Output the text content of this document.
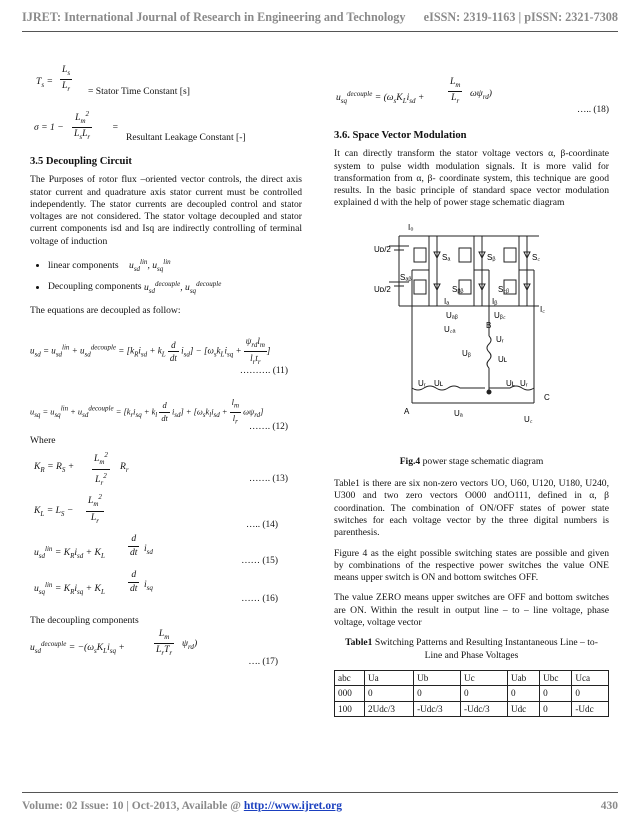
IJRET: International Journal of Research in Engineering and Technology eISSN: 2319-1163 | pISSN: 2321-7308
$T_s = \frac{L_s}{L_r}$ = Stator Time Constant [s]
σ = 1 −
$L_m^2$
$L_sL_r$
=
Resultant Leakage Constant [-]
3.5 Decoupling Circuit

The Purposes of rotor flux –oriented vector controls, the direct axis stator current and quadrature axis stator current must be controlled independently. The stator currents are decoupled control and stator voltages are not considered. The stator voltage decoupled and stator current components isd and Isq are indirectly controlling of terminal voltage of induction

• linear components $u_{sd}^{lin}$, $u_{sq}^{lin}$
• Decoupling components $u_{sd}^{decouple}$, $u_{sq}^{decouple}$

The equations are decoupled as follow:

$u_{sd} = u_{sd}^{lin} + u_{sd}^{decouple} = [k_Ri_{sd} + k_L \frac{d}{dt} i_{sd}] - [\omega_sk_Li_{sq} + \frac{\psi_{rd}l_m}{l_rt_r}$ ]
………. (11)
$u_{sq} = u_{sq}^{lin} + u_{sd}^{decouple} = [k_ri_{sq} + k_l \frac{d}{dt} i_{sd}] + [\omega_sk_li_{sd} + \frac{l_m}{l_r} \omega\psi_{rd}]$
……. (12)
Where
$K_R = R_S + \frac{L_m^2}{L_r^2} R_r$
……. (13)
$K_L = L_S - \frac{L_m^2}{L_r}$	….. (14)
$u_{sd}^{lin} = K_Ri_{sd} + K_L \frac{d}{dt} i_{sd}$
…… (15)
$u_{sq}^{lin} = K_Ri_{sq} + K_L \frac{d}{dt} i_{sq}$
…… (16)
The decoupling components
$u_{sd}^{decouple} = -(\omega_sK_Li_{sq}$ +
$L_m$
$L_rT_r$
$\psi_{rd}$)
…. (17)
$u_{sq}^{decouple} = (\omega_sK_Li_{sd} + \frac{L_m}{L_r} \omega\psi_{rd})$
….. (18)
3.6. Space Vector Modulation

It can directly transform the stator voltage vectors α, β-coordinate system to pulse width modulation signals. It is more valid for transformation from α, β- coordinate system, this technique are good results. In the basic principle of standard space vector modulation explained d with the help of power stage schematic diagram

I₀
Uᴅ/2
Uᴅ/2
Sₐ	Sᵦ	S꜀
Sₐᵦ
Sᵦᵦ	S꜀ᵦ
Iₐ	Iᵦ
I꜀
Uₐᵦ	Uᵦ꜀
U꜀ₐ	B
Uᵣ
Uʟ
Uᵦ
Uᵣ Uʟ	Uᵣ
Uʟ
A
C
Uₐ
U꜀
Fig.4 power stage schematic diagram

Table1 is there are six non-zero vectors UO, U60, U120, U180, U240, U300 and two zero vectors O000 andO111, defined in α, β coordination. The combination of ON/OFF states of power state switches for each voltage vector by the three digital numbers is parenthesis.

Figure 4 as the eight possible switching states are possible and given by combinations of the respective power switches the value ONE means upper switch is ON and bottom switches OFF.

The value ZERO means upper switches are OFF and bottom switches are ON. Within the result in output line – to – line voltage, phase voltage, voltage vector

Table1 Switching Patterns and Resulting Instantaneous Line – to-Line and Phase Voltages
abc	Ua	Ub	Uc	Uab	Ubc	Uca
000	0	0	0	0	0	0
100	2Udc/3	-Udc/3	-Udc/3	Udc	0	-Udc
Volume: 02 Issue: 10 | Oct-2013, Available @ http://www.ijret.org	430
